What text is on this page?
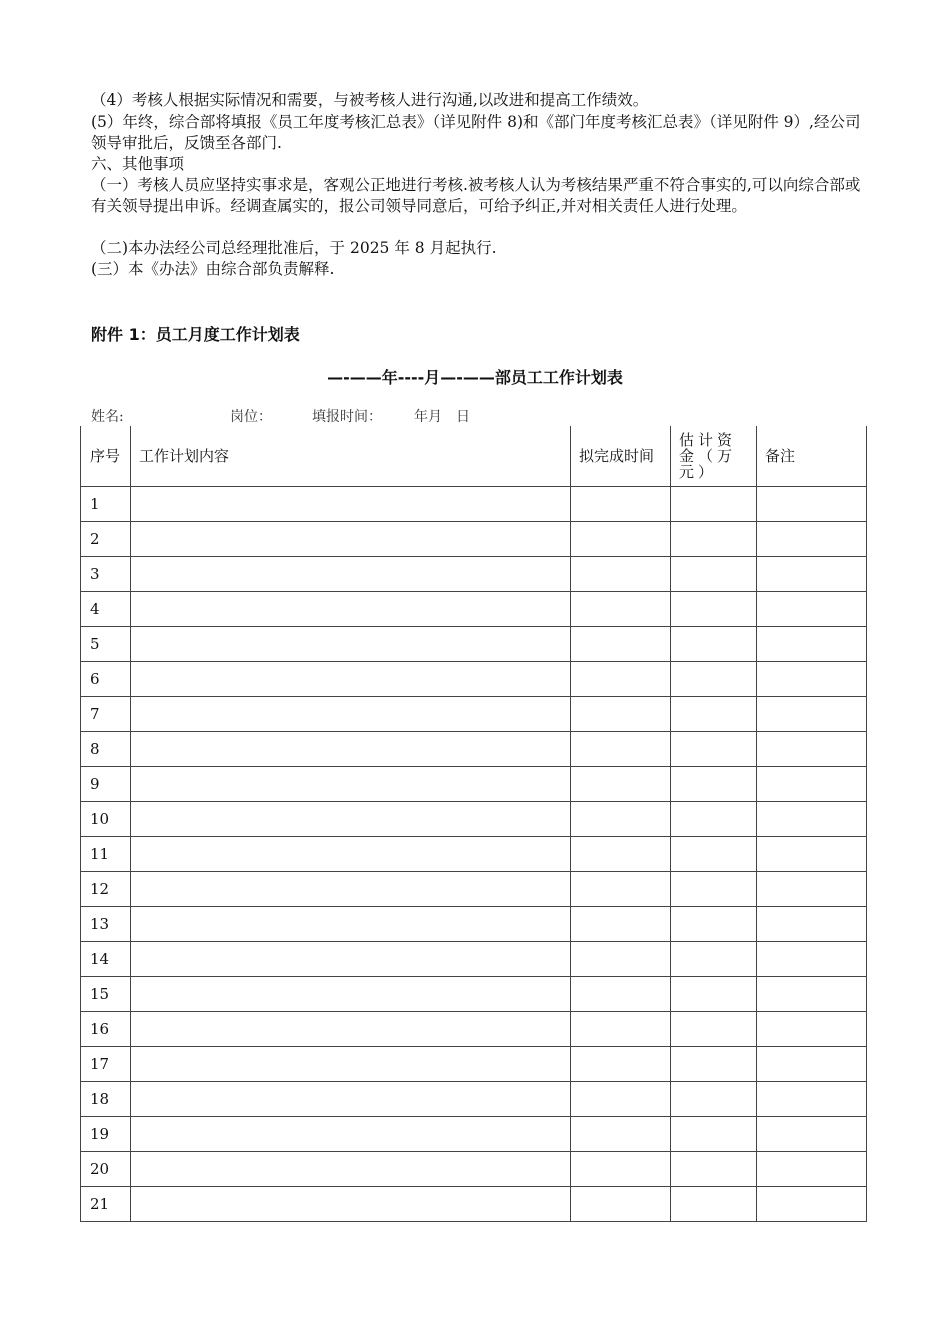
（4）考核人根据实际情况和需要，与被考核人进行沟通,以改进和提高工作绩效。

(5）年终，综合部将填报《员工年度考核汇总表》（详见附件 8)和《部门年度考核汇总表》（详见附件 9）,经公司领导审批后，反馈至各部门.

六、其他事项

（一）考核人员应坚持实事求是，客观公正地进行考核.被考核人认为考核结果严重不符合事实的,可以向综合部或有关领导提出申诉。经调查属实的，报公司领导同意后，可给予纠正,并对相关责任人进行处理。

（二)本办法经公司总经理批准后，于 2025 年 8 月起执行.

(三）本《办法》由综合部负责解释.

附件 1：员工月度工作计划表

—-——年----月—-——部员工工作计划表

姓名:	岗位：	填报时间： 年月　日
序号	工作计划内容	拟完成时间	估计资金（万元）	备注
1				
2				
3				
4				
5				
6				
7				
8				
9				
10				
11				
12				
13				
14				
15				
16				
17				
18				
19				
20				
21				
